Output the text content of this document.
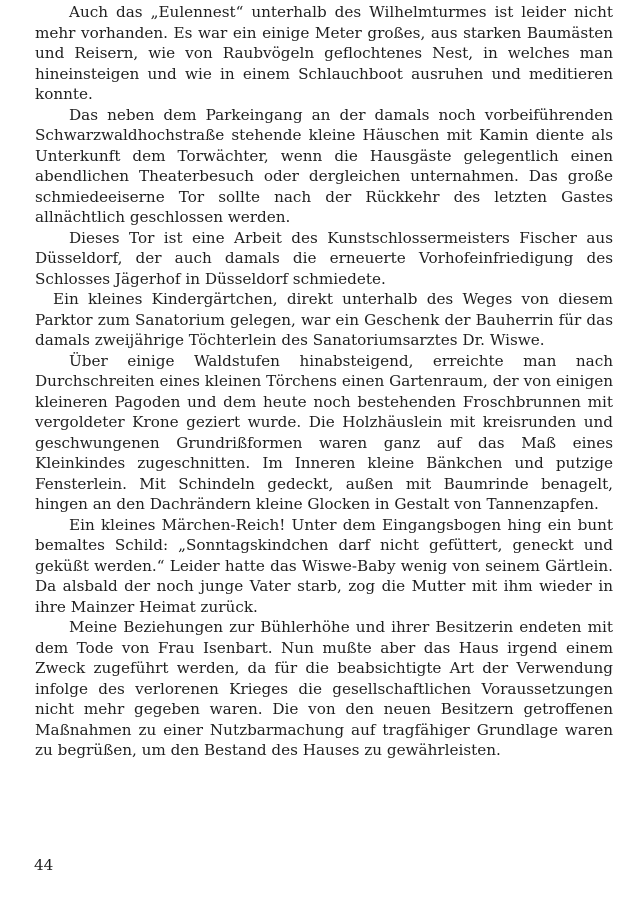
Auch das „Eulennest“ unterhalb des Wilhelmturmes ist leider nicht mehr vorhanden. Es war ein einige Meter großes, aus starken Baumästen und Reisern, wie von Raubvögeln geflochtenes Nest, in welches man hineinsteigen und wie in einem Schlauchboot ausruhen und meditieren konnte.

Das neben dem Parkeingang an der damals noch vorbeiführenden Schwarzwaldhochstraße stehende kleine Häuschen mit Kamin diente als Unterkunft dem Torwächter, wenn die Hausgäste gelegentlich einen abendlichen Theaterbesuch oder dergleichen unternahmen. Das große schmiedeeiserne Tor sollte nach der Rückkehr des letzten Gastes allnächtlich geschlossen werden.

Dieses Tor ist eine Arbeit des Kunstschlossermeisters Fischer aus Düsseldorf, der auch damals die erneuerte Vorhofeinfriedigung des Schlosses Jägerhof in Düsseldorf schmiedete.

Ein kleines Kindergärtchen, direkt unterhalb des Weges von diesem Parktor zum Sanatorium gelegen, war ein Geschenk der Bauherrin für das damals zweijährige Töchterlein des Sanatoriumsarztes Dr. Wiswe.

Über einige Waldstufen hinabsteigend, erreichte man nach Durchschreiten eines kleinen Törchens einen Gartenraum, der von einigen kleineren Pagoden und dem heute noch bestehenden Froschbrunnen mit vergoldeter Krone geziert wurde. Die Holzhäuslein mit kreisrunden und geschwungenen Grundrißformen waren ganz auf das Maß eines Kleinkindes zugeschnitten. Im Inneren kleine Bänkchen und putzige Fensterlein. Mit Schindeln gedeckt, außen mit Baumrinde benagelt, hingen an den Dachrändern kleine Glocken in Gestalt von Tannenzapfen.

Ein kleines Märchen-Reich! Unter dem Eingangsbogen hing ein bunt bemaltes Schild: „Sonntagskindchen darf nicht gefüttert, geneckt und geküßt werden.“ Leider hatte das Wiswe-Baby wenig von seinem Gärtlein. Da alsbald der noch junge Vater starb, zog die Mutter mit ihm wieder in ihre Mainzer Heimat zurück.

Meine Beziehungen zur Bühlerhöhe und ihrer Besitzerin endeten mit dem Tode von Frau Isenbart. Nun mußte aber das Haus irgend einem Zweck zugeführt werden, da für die beabsichtigte Art der Verwendung infolge des verlorenen Krieges die gesellschaftlichen Voraussetzungen nicht mehr gegeben waren. Die von den neuen Besitzern getroffenen Maßnahmen zu einer Nutzbarmachung auf tragfähiger Grundlage waren zu begrüßen, um den Bestand des Hauses zu gewährleisten.

44
